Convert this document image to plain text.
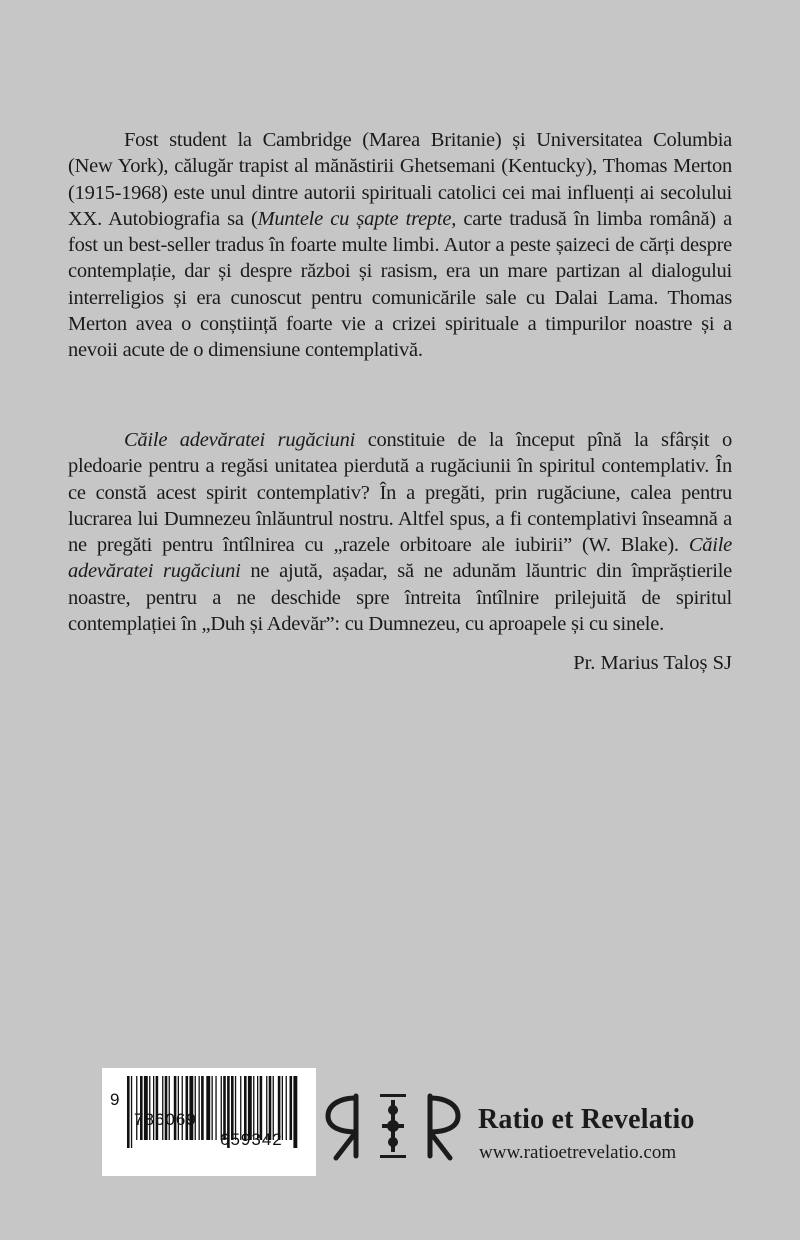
Fost student la Cambridge (Marea Britanie) și Universitatea Columbia (New York), călugăr trapist al mănăstirii Ghetsemani (Kentucky), Thomas Merton (1915-1968) este unul dintre autorii spirituali catolici cei mai influenți ai secolului XX. Autobiografia sa (Muntele cu șapte trepte, carte tradusă în limba română) a fost un best-seller tradus în foarte multe limbi. Autor a peste șaizeci de cărți despre contemplație, dar și despre război și rasism, era un mare partizan al dialogului interreligios și era cunoscut pentru comunicările sale cu Dalai Lama. Thomas Merton avea o conștiință foarte vie a crizei spirituale a timpurilor noastre și a nevoii acute de o dimensiune contemplativă.

Căile adevăratei rugăciuni constituie de la început pînă la sfârșit o pledoarie pentru a regăsi unitatea pierdută a rugăciunii în spiritul contemplativ. În ce constă acest spirit contemplativ? În a pregăti, prin rugăciune, calea pentru lucrarea lui Dumnezeu înlăuntrul nostru. Altfel spus, a fi contemplativi înseamnă a ne pregăti pentru întîlnirea cu „razele orbitoare ale iubirii” (W. Blake). Căile adevăratei rugăciuni ne ajută, așadar, să ne adunăm lăuntric din împrăștierile noastre, pentru a ne deschide spre întreita întîlnire prilejuită de spiritul contemplației în „Duh și Adevăr”: cu Dumnezeu, cu aproapele și cu sinele.

Pr. Marius Taloș SJ

9

786069

659342

Ratio et Revelatio
www.ratioetrevelatio.com
